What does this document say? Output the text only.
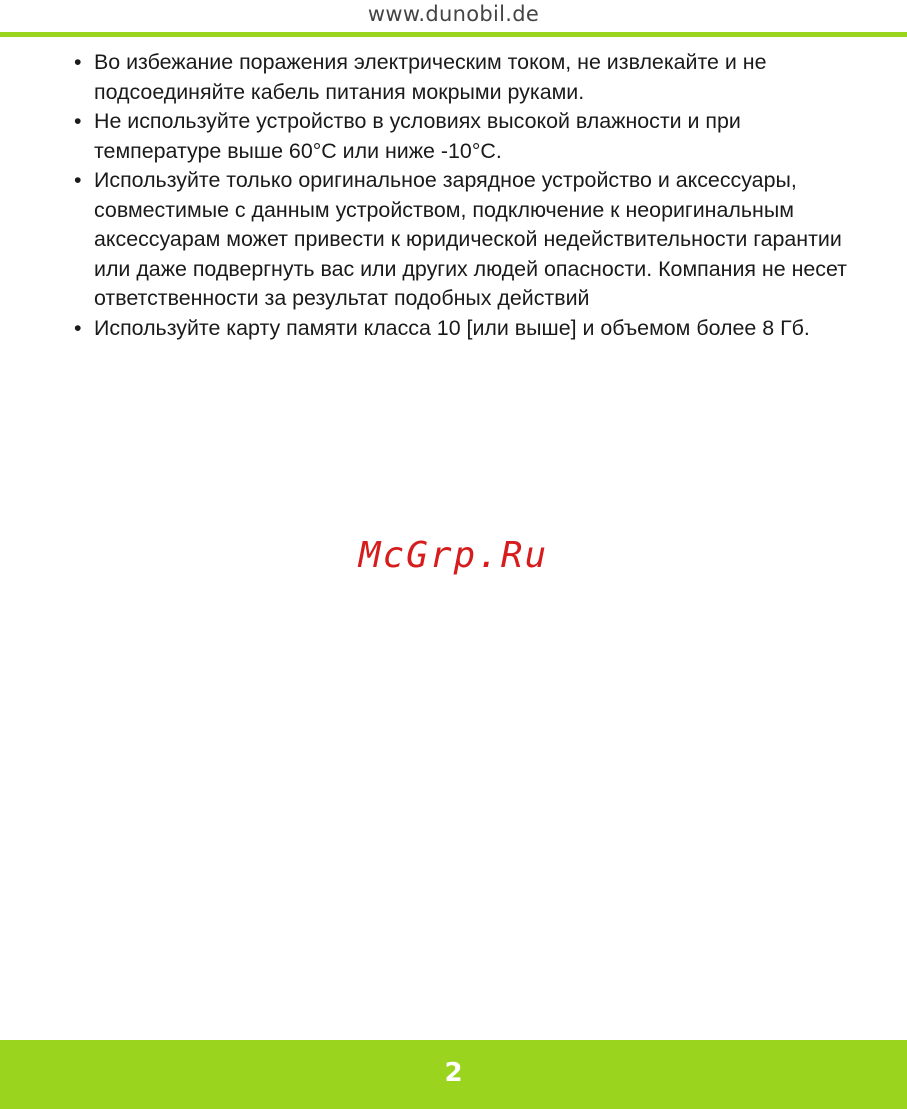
www.dunobil.de
• Во избежание поражения электрическим током, не извлекайте и не подсоединяйте кабель питания мокрыми руками.
• Не используйте устройство в условиях высокой влажности и при температуре выше 60°C или ниже -10°C.
• Используйте только оригинальное зарядное устройство и аксессуары, совместимые с данным устройством, подключение к неоригинальным аксессуарам может привести к юридической недействительности гарантии или даже подвергнуть вас или других людей опасности. Компания не несет ответственности за результат подобных действий
• Используйте карту памяти класса 10 [или выше] и объемом более 8 Гб.
McGrp.Ru
2
